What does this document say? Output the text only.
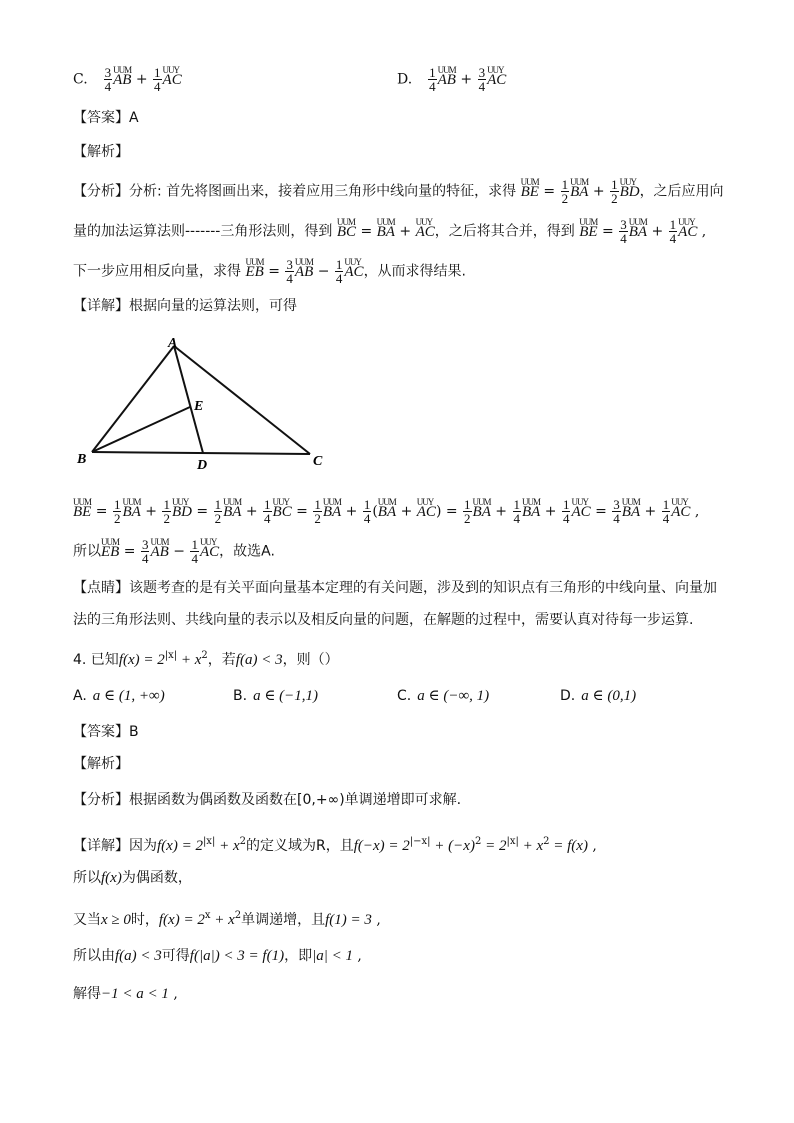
C. $\frac{3}{4}$ UUM AB + $\frac{1}{4}$ UUY AC	D. $\frac{1}{4}$ UUM AB + $\frac{3}{4}$ UUY AC
【答案】A
【解析】
【分析】分析: 首先将图画出来，接着应用三角形中线向量的特征，求得 UUM BE = $\frac{1}{2}$ UUM BA + $\frac{1}{2}$ UUY BD，之后应用向
量的加法运算法则-------三角形法则，得到 UUM BC = UUM BA + UUY AC，之后将其合并，得到 UUM BE = $\frac{3}{4}$ UUM BA + $\frac{1}{4}$ UUY AC ,
下一步应用相反向量，求得 UUM EB = $\frac{3}{4}$ UUM AB − $\frac{1}{4}$ UUY AC，从而求得结果.
【详解】根据向量的运算法则，可得
A
B	C
D
E
UUM BE = $\frac{1}{2}$ UUM BA + $\frac{1}{2}$ UUY BD = $\frac{1}{2}$ UUM BA + $\frac{1}{4}$ UUY BC = $\frac{1}{2}$ UUM BA + $\frac{1}{4} (UUM$ BA + UUY $AC) = \frac{1}{2}$ UUM BA + $\frac{1}{4}$ UUM BA + $\frac{1}{4}$ UUY AC = $\frac{3}{4}$ UUM BA + $\frac{1}{4}$ UUY AC ,
所以UUM EB = $\frac{3}{4}$ UUM AB − $\frac{1}{4}$ UUY AC，故选A.
【点睛】该题考查的是有关平面向量基本定理的有关问题，涉及到的知识点有三角形的中线向量、向量加
法的三角形法则、共线向量的表示以及相反向量的问题，在解题的过程中，需要认真对待每一步运算.
4. 已知$f(x) = 2^{|x|} + x^2$，若f(a) < 3，则（）
A. a ∈ (1, +∞)	B. a ∈ (−1,1)	C. a ∈ (−∞, 1)	D. a ∈ (0,1)
【答案】B
【解析】
【分析】根据函数为偶函数及函数在[0,+∞)单调递增即可求解.
【详解】因为$f(x) = 2^{|x|} + x^2$的定义域为R，且$f(-x) = 2^{|-x|} + (-x)^2 = 2^{|x|} + x^2 = f(x)$ ,
所以f(x)为偶函数，
又当x ≥ 0时，$f(x) = 2^x + x^2$单调递增，且f(1) = 3 ,
所以由f(a) < 3可得f(|a|) < 3 = f(1)，即|a| < 1 ,
解得−1 < a < 1 ,
